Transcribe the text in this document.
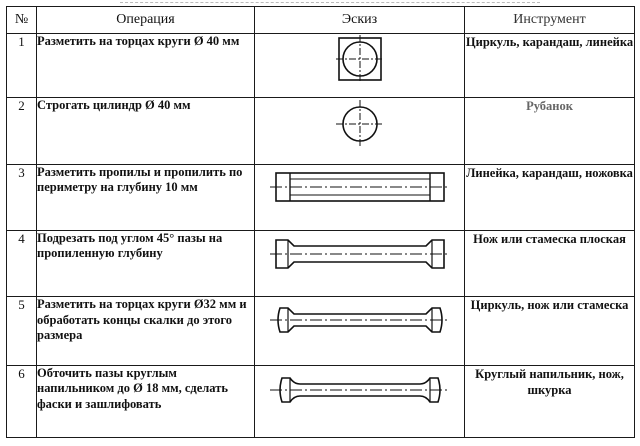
№	Операция	Эскиз	Инструмент
1	Разметить на торцах круги Ø 40 мм		Циркуль, карандаш, линейка
2	Строгать цилиндр Ø 40 мм		Рубанок
3	Разметить пропилы и пропилить по периметру на глубину 10 мм		Линейка, карандаш, ножовка
4	Подрезать под углом 45° пазы на пропиленную глубину		Нож или стамеска плоская
5	Разметить на торцах круги Ø32 мм и обработать концы скалки до этого размера		Циркуль, нож или стамеска
6	Обточить пазы круглым напильником до Ø 18 мм, сделать фаски и зашлифовать		Круглый напильник, нож, шкурка
